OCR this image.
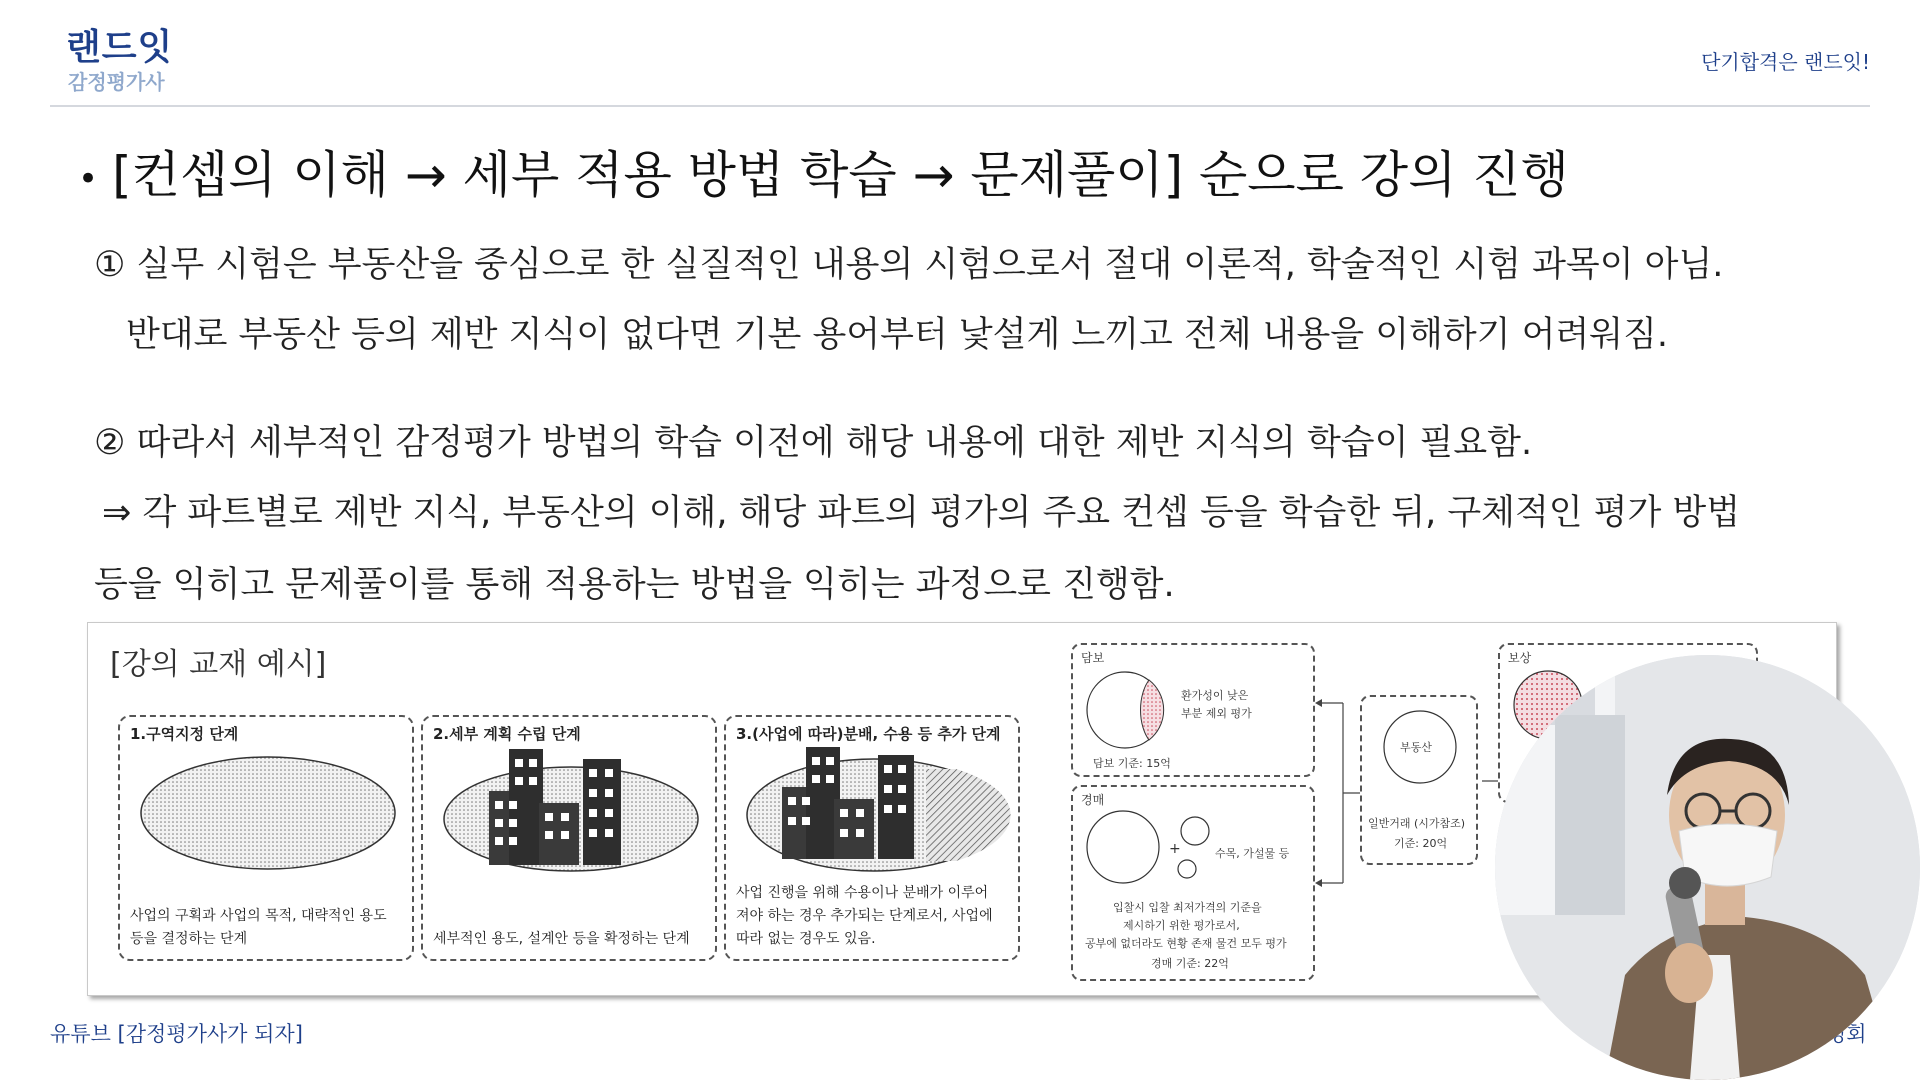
랜드잇
감정평가사
단기합격은 랜드잇!
• [컨셉의 이해 → 세부 적용 방법 학습 → 문제풀이] 순으로 강의 진행
① 실무 시험은 부동산을 중심으로 한 실질적인 내용의 시험으로서 절대 이론적, 학술적인 시험 과목이 아님.
반대로 부동산 등의 제반 지식이 없다면 기본 용어부터 낯설게 느끼고 전체 내용을 이해하기 어려워짐.
② 따라서 세부적인 감정평가 방법의 학습 이전에 해당 내용에 대한 제반 지식의 학습이 필요함.
⇒ 각 파트별로 제반 지식, 부동산의 이해, 해당 파트의 평가의 주요 컨셉 등을 학습한 뒤, 구체적인 평가 방법
등을 익히고 문제풀이를 통해 적용하는 방법을 익히는 과정으로 진행함.
[강의 교재 예시]
1.구역지정 단계
사업의 구획과 사업의 목적, 대략적인 용도
등을 결정하는 단계
2.세부 계획 수립 단계
세부적인 용도, 설계안 등을 확정하는 단계
3.(사업에 따라)분배, 수용 등 추가 단계
사업 진행을 위해 수용이나 분배가 이루어
져야 하는 경우 추가되는 단계로서, 사업에
따라 없는 경우도 있음.
담보
환가성이 낮은
부분 제외 평가
담보 기준: 15억
경매
+	수목, 가설물 등
입찰시 입찰 최저가격의 기준을
제시하기 위한 평가로서,
공부에 없더라도 현황 존재 물건 모두 평가
경매 기준: 22억
부동산
일반거래 (시가참조)
기준: 20억
유튜브 [감정평가사가 되자]
